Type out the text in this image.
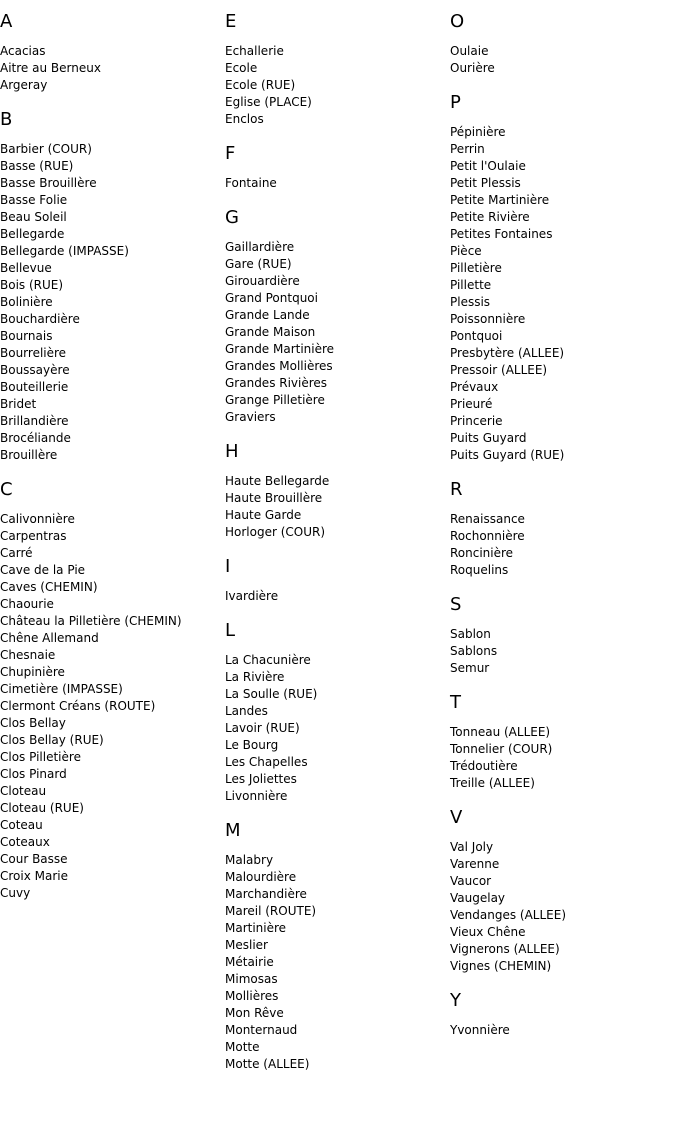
A
Acacias
Aitre au Berneux
Argeray
B
Barbier (COUR)
Basse (RUE)
Basse Brouillère
Basse Folie
Beau Soleil
Bellegarde
Bellegarde (IMPASSE)
Bellevue
Bois (RUE)
Bolinière
Bouchardière
Bournais
Bourrelière
Boussayère
Bouteillerie
Bridet
Brillandière
Brocéliande
Brouillère
C
Calivonnière
Carpentras
Carré
Cave de la Pie
Caves (CHEMIN)
Chaourie
Château la Pilletière (CHEMIN)
Chêne Allemand
Chesnaie
Chupinière
Cimetière (IMPASSE)
Clermont Créans (ROUTE)
Clos Bellay
Clos Bellay (RUE)
Clos Pilletière
Clos Pinard
Cloteau
Cloteau (RUE)
Coteau
Coteaux
Cour Basse
Croix Marie
Cuvy
E
Echallerie
Ecole
Ecole (RUE)
Eglise (PLACE)
Enclos
F
Fontaine
G
Gaillardière
Gare (RUE)
Girouardière
Grand Pontquoi
Grande Lande
Grande Maison
Grande Martinière
Grandes Mollières
Grandes Rivières
Grange Pilletière
Graviers
H
Haute Bellegarde
Haute Brouillère
Haute Garde
Horloger (COUR)
I
Ivardière
L
La Chacunière
La Rivière
La Soulle (RUE)
Landes
Lavoir (RUE)
Le Bourg
Les Chapelles
Les Joliettes
Livonnière
M
Malabry
Malourdière
Marchandière
Mareil (ROUTE)
Martinière
Meslier
Métairie
Mimosas
Mollières
Mon Rêve
Monternaud
Motte
Motte (ALLEE)
O
Oulaie
Ourière
P
Pépinière
Perrin
Petit l'Oulaie
Petit Plessis
Petite Martinière
Petite Rivière
Petites Fontaines
Pièce
Pilletière
Pillette
Plessis
Poissonnière
Pontquoi
Presbytère (ALLEE)
Pressoir (ALLEE)
Prévaux
Prieuré
Princerie
Puits Guyard
Puits Guyard (RUE)
R
Renaissance
Rochonnière
Roncinière
Roquelins
S
Sablon
Sablons
Semur
T
Tonneau (ALLEE)
Tonnelier (COUR)
Trédoutière
Treille (ALLEE)
V
Val Joly
Varenne
Vaucor
Vaugelay
Vendanges (ALLEE)
Vieux Chêne
Vignerons (ALLEE)
Vignes (CHEMIN)
Y
Yvonnière
